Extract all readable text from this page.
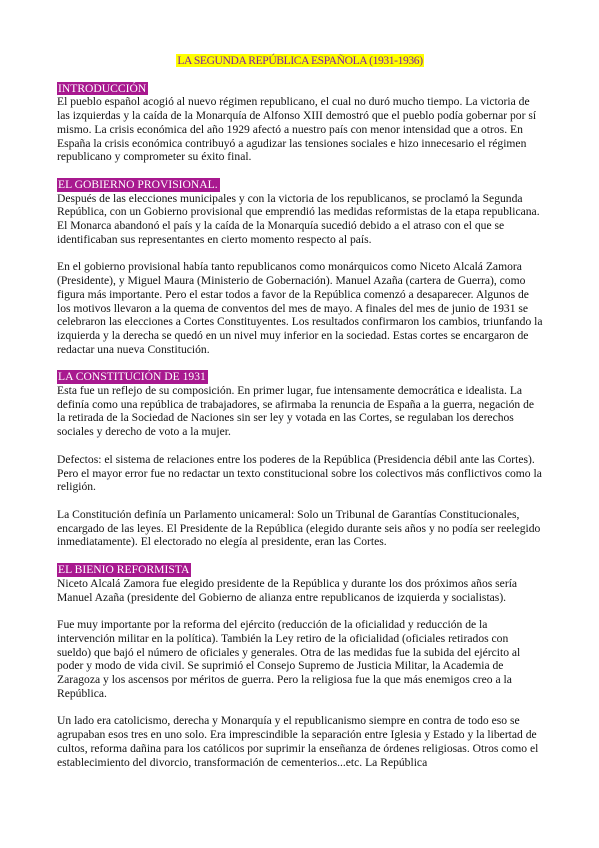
LA SEGUNDA REPÚBLICA ESPAÑOLA (1931-1936)
INTRODUCCIÓN

El pueblo español acogió al nuevo régimen republicano, el cual no duró mucho tiempo. La victoria de las izquierdas y la caída de la Monarquía de Alfonso XIII demostró que el pueblo podía gobernar por sí mismo. La crisis económica del año 1929 afectó a nuestro país con menor intensidad que a otros. En España la crisis económica contribuyó a agudizar las tensiones sociales e hizo innecesario el régimen republicano y comprometer su éxito final.

EL GOBIERNO PROVISIONAL.

Después de las elecciones municipales y con la victoria de los republicanos, se proclamó la Segunda República, con un Gobierno provisional que emprendió las medidas reformistas de la etapa republicana. El Monarca abandonó el país y la caída de la Monarquía sucedió debido a el atraso con el que se identificaban sus representantes en cierto momento respecto al país.

En el gobierno provisional había tanto republicanos como monárquicos como Niceto Alcalá Zamora (Presidente), y Miguel Maura (Ministerio de Gobernación). Manuel Azaña (cartera de Guerra), como figura más importante. Pero el estar todos a favor de la República comenzó a desaparecer. Algunos de los motivos llevaron a la quema de conventos del mes de mayo. A finales del mes de junio de 1931 se celebraron las elecciones a Cortes Constituyentes. Los resultados confirmaron los cambios, triunfando la izquierda y la derecha se quedó en un nivel muy inferior en la sociedad. Estas cortes se encargaron de redactar una nueva Constitución.

LA CONSTITUCIÓN DE 1931

Esta fue un reflejo de su composición. En primer lugar, fue intensamente democrática e idealista. La definía como una república de trabajadores, se afirmaba la renuncia de España a la guerra, negación de la retirada de la Sociedad de Naciones sin ser ley y votada en las Cortes, se regulaban los derechos sociales y derecho de voto a la mujer.

Defectos: el sistema de relaciones entre los poderes de la República (Presidencia débil ante las Cortes). Pero el mayor error fue no redactar un texto constitucional sobre los colectivos más conflictivos como la religión.

La Constitución definía un Parlamento unicameral: Solo un Tribunal de Garantías Constitucionales, encargado de las leyes. El Presidente de la República (elegido durante seis años y no podía ser reelegido inmediatamente). El electorado no elegía al presidente, eran las Cortes.

EL BIENIO REFORMISTA

Niceto Alcalá Zamora fue elegido presidente de la República y durante los dos próximos años sería Manuel Azaña (presidente del Gobierno de alianza entre republicanos de izquierda y socialistas).

Fue muy importante por la reforma del ejército (reducción de la oficialidad y reducción de la intervención militar en la política). También la Ley retiro de la oficialidad (oficiales retirados con sueldo) que bajó el número de oficiales y generales. Otra de las medidas fue la subida del ejército al poder y modo de vida civil. Se suprimió el Consejo Supremo de Justicia Militar, la Academia de Zaragoza y los ascensos por méritos de guerra. Pero la religiosa fue la que más enemigos creo a la República.

Un lado era catolicismo, derecha y Monarquía y el republicanismo siempre en contra de todo eso se agrupaban esos tres en uno solo. Era imprescindible la separación entre Iglesia y Estado y la libertad de cultos, reforma dañina para los católicos por suprimir la enseñanza de órdenes religiosas. Otros como el establecimiento del divorcio, transformación de cementerios...etc. La República
